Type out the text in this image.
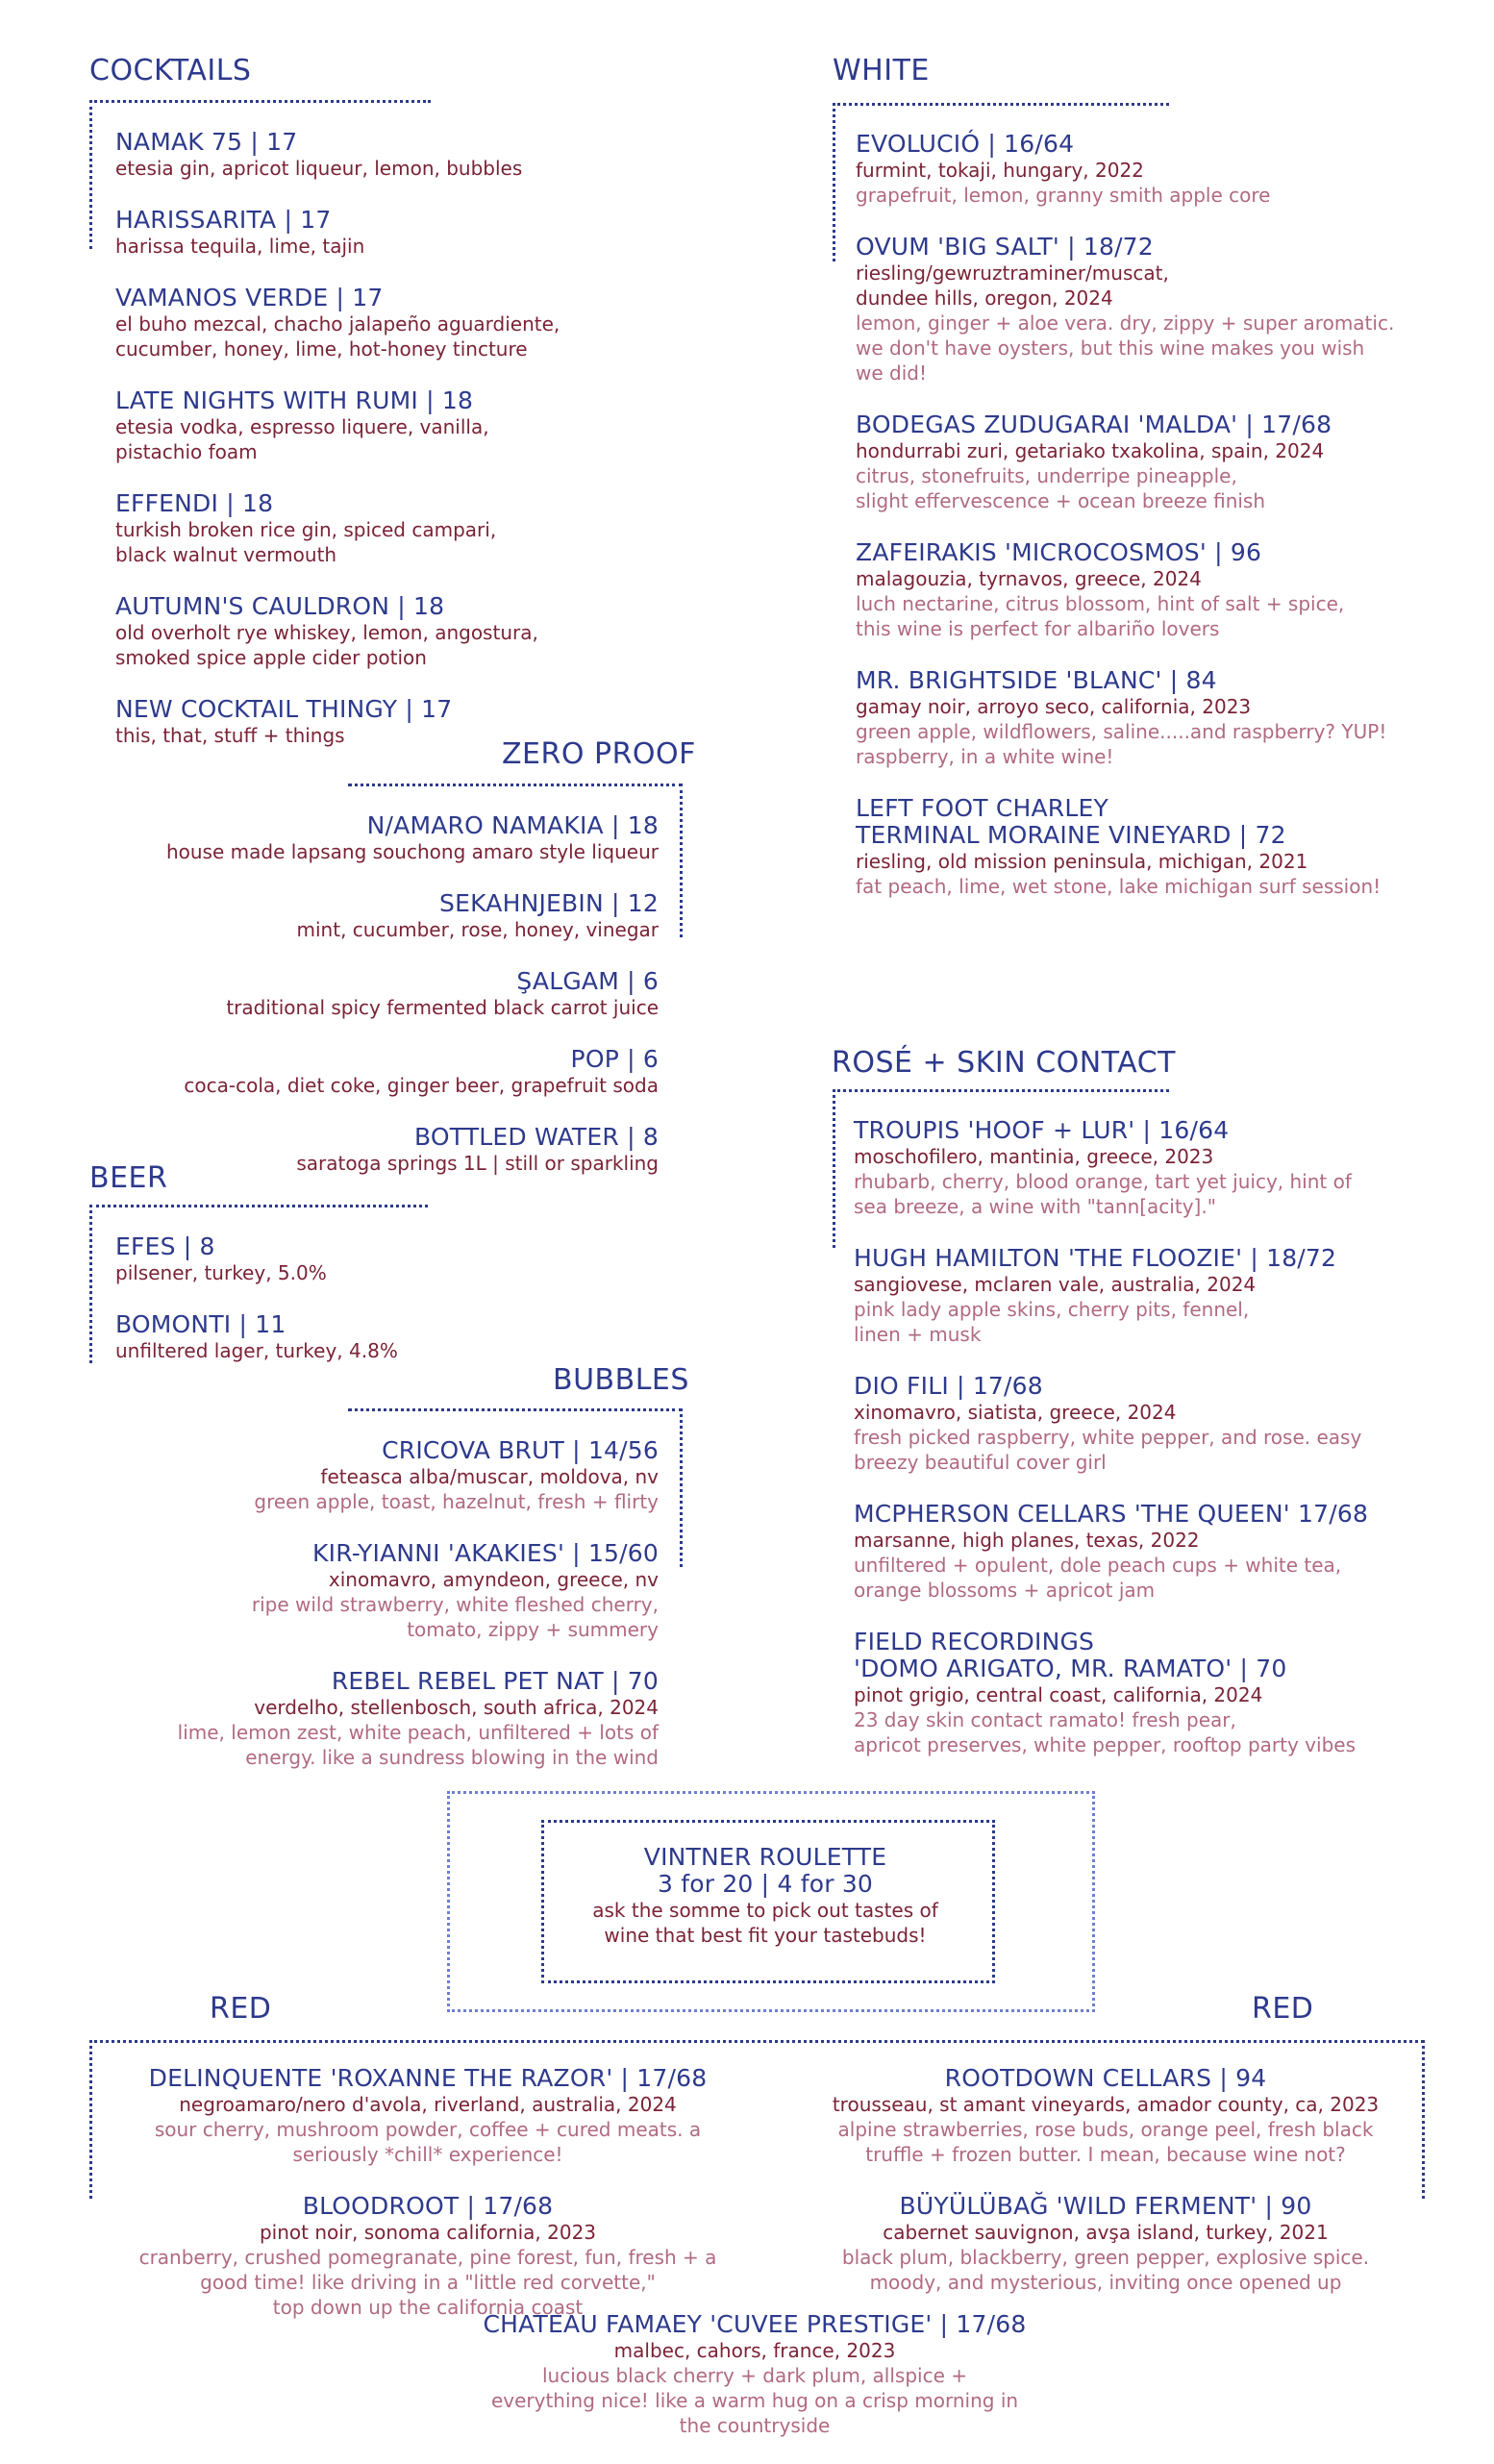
COCKTAILS	WHITE
ZERO PROOF
BEER
BUBBLES
ROSÉ + SKIN CONTACT
RED	RED
NAMAK 75 | 17
etesia gin, apricot liqueur, lemon, bubbles
HARISSARITA | 17
harissa tequila, lime, tajin
VAMANOS VERDE | 17
el buho mezcal, chacho jalapeño aguardiente,
cucumber, honey, lime, hot-honey tincture
LATE NIGHTS WITH RUMI | 18
etesia vodka, espresso liquere, vanilla,
pistachio foam
EFFENDI | 18
turkish broken rice gin, spiced campari,
black walnut vermouth
AUTUMN'S CAULDRON | 18
old overholt rye whiskey, lemon, angostura,
smoked spice apple cider potion
NEW COCKTAIL THINGY | 17
this, that, stuff + things
N/AMARO NAMAKIA | 18
house made lapsang souchong amaro style liqueur
SEKAHNJEBIN | 12
mint, cucumber, rose, honey, vinegar
ŞALGAM | 6
traditional spicy fermented black carrot juice
POP | 6
coca-cola, diet coke, ginger beer, grapefruit soda
BOTTLED WATER | 8
saratoga springs 1L | still or sparkling
EFES | 8
pilsener, turkey, 5.0%
BOMONTI | 11
unfiltered lager, turkey, 4.8%
CRICOVA BRUT | 14/56
feteasca alba/muscar, moldova, nv
green apple, toast, hazelnut, fresh + flirty
KIR-YIANNI 'AKAKIES' | 15/60
xinomavro, amyndeon, greece, nv
ripe wild strawberry, white fleshed cherry,
tomato, zippy + summery
REBEL REBEL PET NAT | 70
verdelho, stellenbosch, south africa, 2024
lime, lemon zest, white peach, unfiltered + lots of
energy. like a sundress blowing in the wind
EVOLUCIÓ | 16/64
furmint, tokaji, hungary, 2022
grapefruit, lemon, granny smith apple core
OVUM 'BIG SALT' | 18/72
riesling/gewruztraminer/muscat,
dundee hills, oregon, 2024
lemon, ginger + aloe vera. dry, zippy + super aromatic.
we don't have oysters, but this wine makes you wish
we did!
BODEGAS ZUDUGARAI 'MALDA' | 17/68
hondurrabi zuri, getariako txakolina, spain, 2024
citrus, stonefruits, underripe pineapple,
slight effervescence + ocean breeze finish
ZAFEIRAKIS 'MICROCOSMOS' | 96
malagouzia, tyrnavos, greece, 2024
luch nectarine, citrus blossom, hint of salt + spice,
this wine is perfect for albariño lovers
MR. BRIGHTSIDE 'BLANC' | 84
gamay noir, arroyo seco, california, 2023
green apple, wildflowers, saline.....and raspberry? YUP!
raspberry, in a white wine!
LEFT FOOT CHARLEY
TERMINAL MORAINE VINEYARD | 72
riesling, old mission peninsula, michigan, 2021
fat peach, lime, wet stone, lake michigan surf session!
TROUPIS 'HOOF + LUR' | 16/64
moschofilero, mantinia, greece, 2023
rhubarb, cherry, blood orange, tart yet juicy, hint of
sea breeze, a wine with "tann[acity]."
HUGH HAMILTON 'THE FLOOZIE' | 18/72
sangiovese, mclaren vale, australia, 2024
pink lady apple skins, cherry pits, fennel,
linen + musk
DIO FILI | 17/68
xinomavro, siatista, greece, 2024
fresh picked raspberry, white pepper, and rose. easy
breezy beautiful cover girl
MCPHERSON CELLARS 'THE QUEEN' 17/68
marsanne, high planes, texas, 2022
unfiltered + opulent, dole peach cups + white tea,
orange blossoms + apricot jam
FIELD RECORDINGS
'DOMO ARIGATO, MR. RAMATO' | 70
pinot grigio, central coast, california, 2024
23 day skin contact ramato! fresh pear,
apricot preserves, white pepper, rooftop party vibes
VINTNER ROULETTE
3 for 20 | 4 for 30
ask the somme to pick out tastes of
wine that best fit your tastebuds!
DELINQUENTE 'ROXANNE THE RAZOR' | 17/68
negroamaro/nero d'avola, riverland, australia, 2024
sour cherry, mushroom powder, coffee + cured meats. a
seriously *chill* experience!
BLOODROOT | 17/68
pinot noir, sonoma california, 2023
cranberry, crushed pomegranate, pine forest, fun, fresh + a
good time! like driving in a "little red corvette,"
top down up the california coast
ROOTDOWN CELLARS | 94
trousseau, st amant vineyards, amador county, ca, 2023
alpine strawberries, rose buds, orange peel, fresh black
truffle + frozen butter. I mean, because wine not?
BÜYÜLÜBAĞ 'WILD FERMENT' | 90
cabernet sauvignon, avşa island, turkey, 2021
black plum, blackberry, green pepper, explosive spice.
moody, and mysterious, inviting once opened up
CHATEAU FAMAEY 'CUVEE PRESTIGE' | 17/68
malbec, cahors, france, 2023
lucious black cherry + dark plum, allspice +
everything nice! like a warm hug on a crisp morning in
the countryside
